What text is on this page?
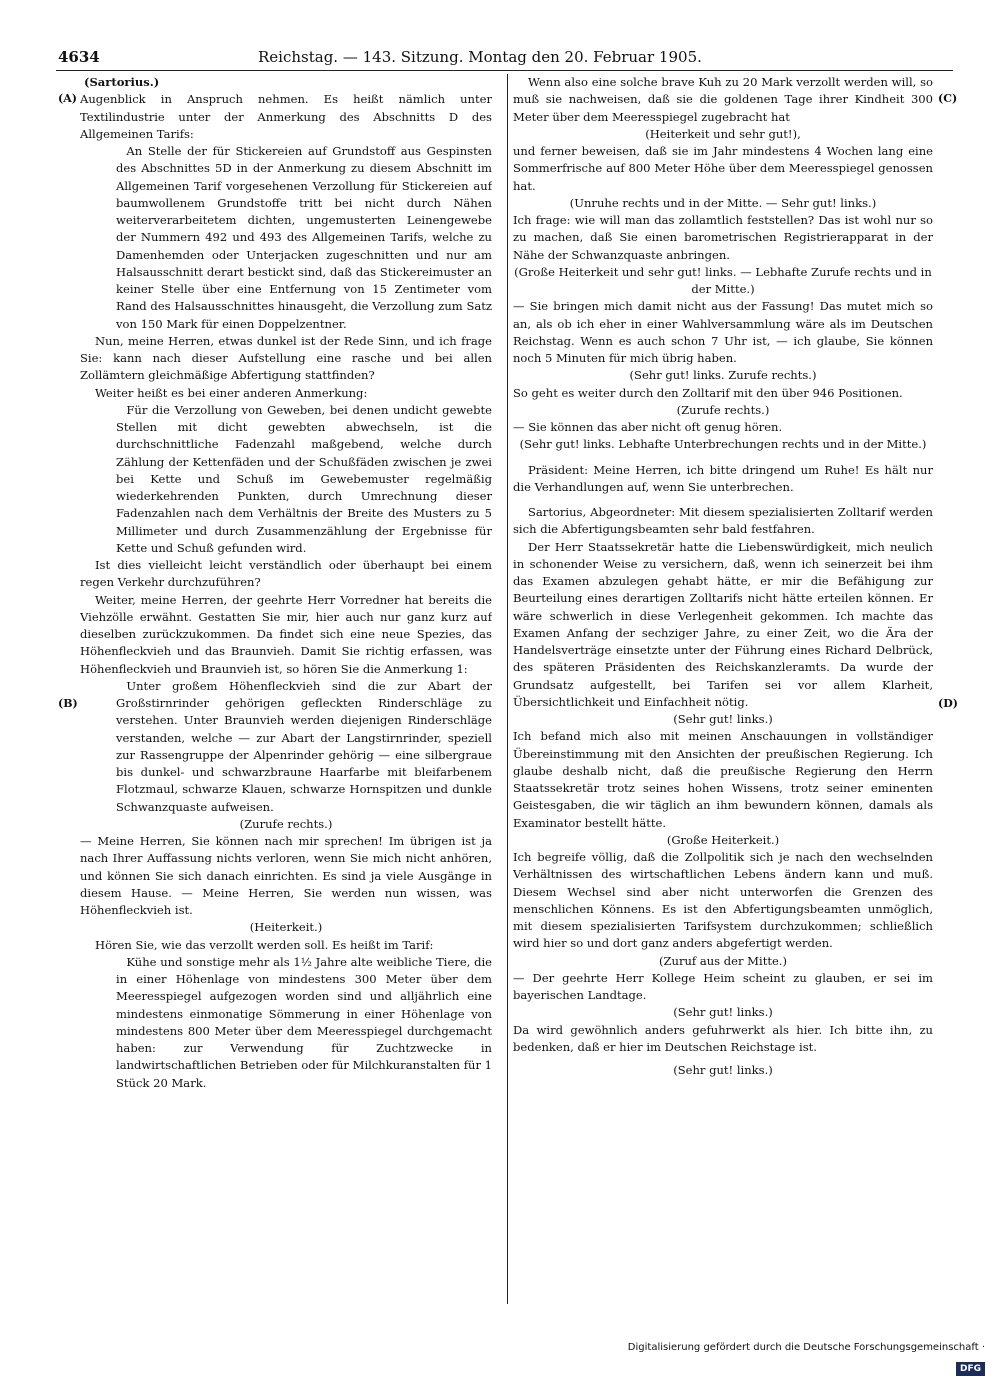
4634	Reichstag. — 143. Sitzung. Montag den 20. Februar 1905.
(A)
(B)
(C)
(D)

(Sartorius.)

Augenblick in Anspruch nehmen. Es heißt nämlich unter Textilindustrie unter der Anmerkung des Abschnitts D des Allgemeinen Tarifs:

An Stelle der für Stickereien auf Grundstoff aus Gespinsten des Abschnittes 5D in der Anmerkung zu diesem Abschnitt im Allgemeinen Tarif vorgesehenen Verzollung für Stickereien auf baumwollenem Grundstoffe tritt bei nicht durch Nähen weiterverarbeitetem dichten, ungemusterten Leinengewebe der Nummern 492 und 493 des Allgemeinen Tarifs, welche zu Damenhemden oder Unterjacken zugeschnitten und nur am Halsausschnitt derart bestickt sind, daß das Stickereimuster an keiner Stelle über eine Entfernung von 15 Zentimeter vom Rand des Halsausschnittes hinausgeht, die Verzollung zum Satz von 150 Mark für einen Doppelzentner.

Nun, meine Herren, etwas dunkel ist der Rede Sinn, und ich frage Sie: kann nach dieser Aufstellung eine rasche und bei allen Zollämtern gleichmäßige Abfertigung stattfinden?

Weiter heißt es bei einer anderen Anmerkung:

Für die Verzollung von Geweben, bei denen undicht gewebte Stellen mit dicht gewebten abwechseln, ist die durchschnittliche Fadenzahl maßgebend, welche durch Zählung der Kettenfäden und der Schußfäden zwischen je zwei bei Kette und Schuß im Gewebemuster regelmäßig wiederkehrenden Punkten, durch Umrechnung dieser Fadenzahlen nach dem Verhältnis der Breite des Musters zu 5 Millimeter und durch Zusammenzählung der Ergebnisse für Kette und Schuß gefunden wird.

Ist dies vielleicht leicht verständlich oder überhaupt bei einem regen Verkehr durchzuführen?

Weiter, meine Herren, der geehrte Herr Vorredner hat bereits die Viehzölle erwähnt. Gestatten Sie mir, hier auch nur ganz kurz auf dieselben zurückzukommen. Da findet sich eine neue Spezies, das Höhenfleckvieh und das Braunvieh. Damit Sie richtig erfassen, was Höhenfleckvieh und Braunvieh ist, so hören Sie die Anmerkung 1:

Unter großem Höhenfleckvieh sind die zur Abart der Großstirnrinder gehörigen gefleckten Rinderschläge zu verstehen. Unter Braunvieh werden diejenigen Rinderschläge verstanden, welche — zur Abart der Langstirnrinder, speziell zur Rassengruppe der Alpenrinder gehörig — eine silbergraue bis dunkel- und schwarzbraune Haarfarbe mit bleifarbenem Flotzmaul, schwarze Klauen, schwarze Hornspitzen und dunkle Schwanzquaste aufweisen.

(Zurufe rechts.)

— Meine Herren, Sie können nach mir sprechen! Im übrigen ist ja nach Ihrer Auffassung nichts verloren, wenn Sie mich nicht anhören, und können Sie sich danach einrichten. Es sind ja viele Ausgänge in diesem Hause. — Meine Herren, Sie werden nun wissen, was Höhenfleckvieh ist.

(Heiterkeit.)

Hören Sie, wie das verzollt werden soll. Es heißt im Tarif:

Kühe und sonstige mehr als 1½ Jahre alte weibliche Tiere, die in einer Höhenlage von mindestens 300 Meter über dem Meeresspiegel aufgezogen worden sind und alljährlich eine mindestens einmonatige Sömmerung in einer Höhenlage von mindestens 800 Meter über dem Meeresspiegel durchgemacht haben: zur Verwendung für Zuchtzwecke in landwirtschaftlichen Betrieben oder für Milchkuranstalten für 1 Stück 20 Mark.

Wenn also eine solche brave Kuh zu 20 Mark verzollt werden will, so muß sie nachweisen, daß sie die goldenen Tage ihrer Kindheit 300 Meter über dem Meeresspiegel zugebracht hat

(Heiterkeit und sehr gut!),

und ferner beweisen, daß sie im Jahr mindestens 4 Wochen lang eine Sommerfrische auf 800 Meter Höhe über dem Meeresspiegel genossen hat.

(Unruhe rechts und in der Mitte. — Sehr gut! links.)

Ich frage: wie will man das zollamtlich feststellen? Das ist wohl nur so zu machen, daß Sie einen barometrischen Registrierapparat in der Nähe der Schwanzquaste anbringen.

(Große Heiterkeit und sehr gut! links. — Lebhafte Zurufe rechts und in der Mitte.)

— Sie bringen mich damit nicht aus der Fassung! Das mutet mich so an, als ob ich eher in einer Wahlversammlung wäre als im Deutschen Reichstag. Wenn es auch schon 7 Uhr ist, — ich glaube, Sie können noch 5 Minuten für mich übrig haben.

(Sehr gut! links. Zurufe rechts.)

So geht es weiter durch den Zolltarif mit den über 946 Positionen.

(Zurufe rechts.)

— Sie können das aber nicht oft genug hören.

(Sehr gut! links. Lebhafte Unterbrechungen rechts und in der Mitte.)

Präsident: Meine Herren, ich bitte dringend um Ruhe! Es hält nur die Verhandlungen auf, wenn Sie unterbrechen.

Sartorius, Abgeordneter: Mit diesem spezialisierten Zolltarif werden sich die Abfertigungsbeamten sehr bald festfahren.

Der Herr Staatssekretär hatte die Liebenswürdigkeit, mich neulich in schonender Weise zu versichern, daß, wenn ich seinerzeit bei ihm das Examen abzulegen gehabt hätte, er mir die Befähigung zur Beurteilung eines derartigen Zolltarifs nicht hätte erteilen können. Er wäre schwerlich in diese Verlegenheit gekommen. Ich machte das Examen Anfang der sechziger Jahre, zu einer Zeit, wo die Ära der Handelsverträge einsetzte unter der Führung eines Richard Delbrück, des späteren Präsidenten des Reichskanzleramts. Da wurde der Grundsatz aufgestellt, bei Tarifen sei vor allem Klarheit, Übersichtlichkeit und Einfachheit nötig.

(Sehr gut! links.)

Ich befand mich also mit meinen Anschauungen in vollständiger Übereinstimmung mit den Ansichten der preußischen Regierung. Ich glaube deshalb nicht, daß die preußische Regierung den Herrn Staatssekretär trotz seines hohen Wissens, trotz seiner eminenten Geistesgaben, die wir täglich an ihm bewundern können, damals als Examinator bestellt hätte.

(Große Heiterkeit.)

Ich begreife völlig, daß die Zollpolitik sich je nach den wechselnden Verhältnissen des wirtschaftlichen Lebens ändern kann und muß. Diesem Wechsel sind aber nicht unterworfen die Grenzen des menschlichen Könnens. Es ist den Abfertigungsbeamten unmöglich, mit diesem spezialisierten Tarifsystem durchzukommen; schließlich wird hier so und dort ganz anders abgefertigt werden.

(Zuruf aus der Mitte.)

— Der geehrte Herr Kollege Heim scheint zu glauben, er sei im bayerischen Landtage.

(Sehr gut! links.)

Da wird gewöhnlich anders gefuhrwerkt als hier. Ich bitte ihn, zu bedenken, daß er hier im Deutschen Reichstage ist.

(Sehr gut! links.)

Digitalisierung gefördert durch die Deutsche Forschungsgemeinschaft · DFG
